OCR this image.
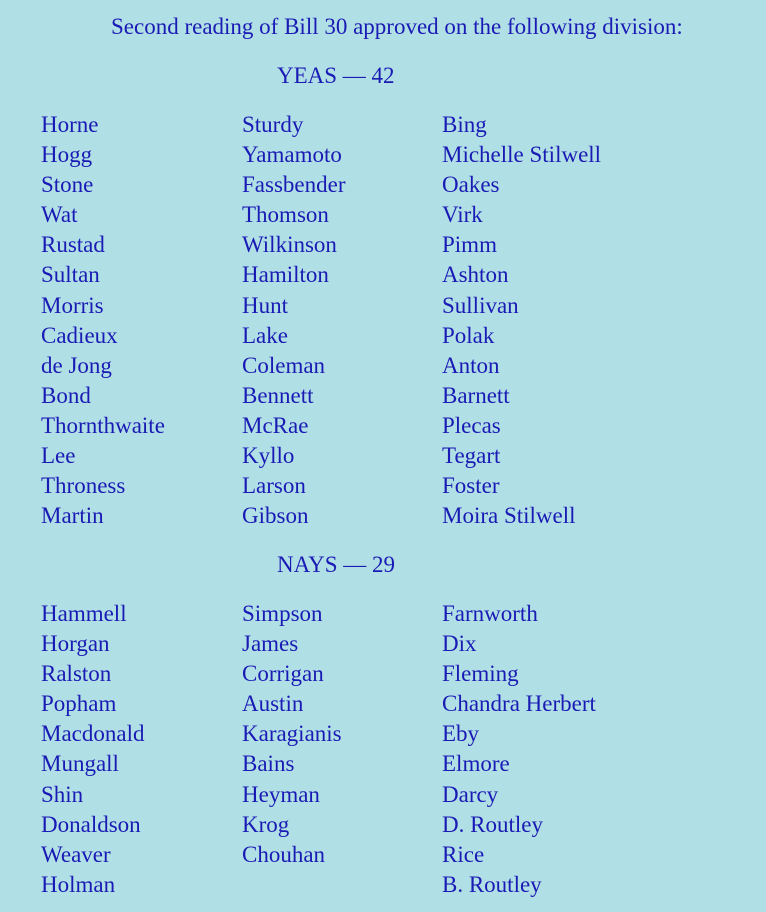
Second reading of Bill 30 approved on the following division:
YEAS — 42
Horne
Hogg
Stone
Wat
Rustad
Sultan
Morris
Cadieux
de Jong
Bond
Thornthwaite
Lee
Throness
Martin
Sturdy
Yamamoto
Fassbender
Thomson
Wilkinson
Hamilton
Hunt
Lake
Coleman
Bennett
McRae
Kyllo
Larson
Gibson
Bing
Michelle Stilwell
Oakes
Virk
Pimm
Ashton
Sullivan
Polak
Anton
Barnett
Plecas
Tegart
Foster
Moira Stilwell
NAYS — 29
Hammell
Horgan
Ralston
Popham
Macdonald
Mungall
Shin
Donaldson
Weaver
Holman
Simpson
James
Corrigan
Austin
Karagianis
Bains
Heyman
Krog
Chouhan
Farnworth
Dix
Fleming
Chandra Herbert
Eby
Elmore
Darcy
D. Routley
Rice
B. Routley
